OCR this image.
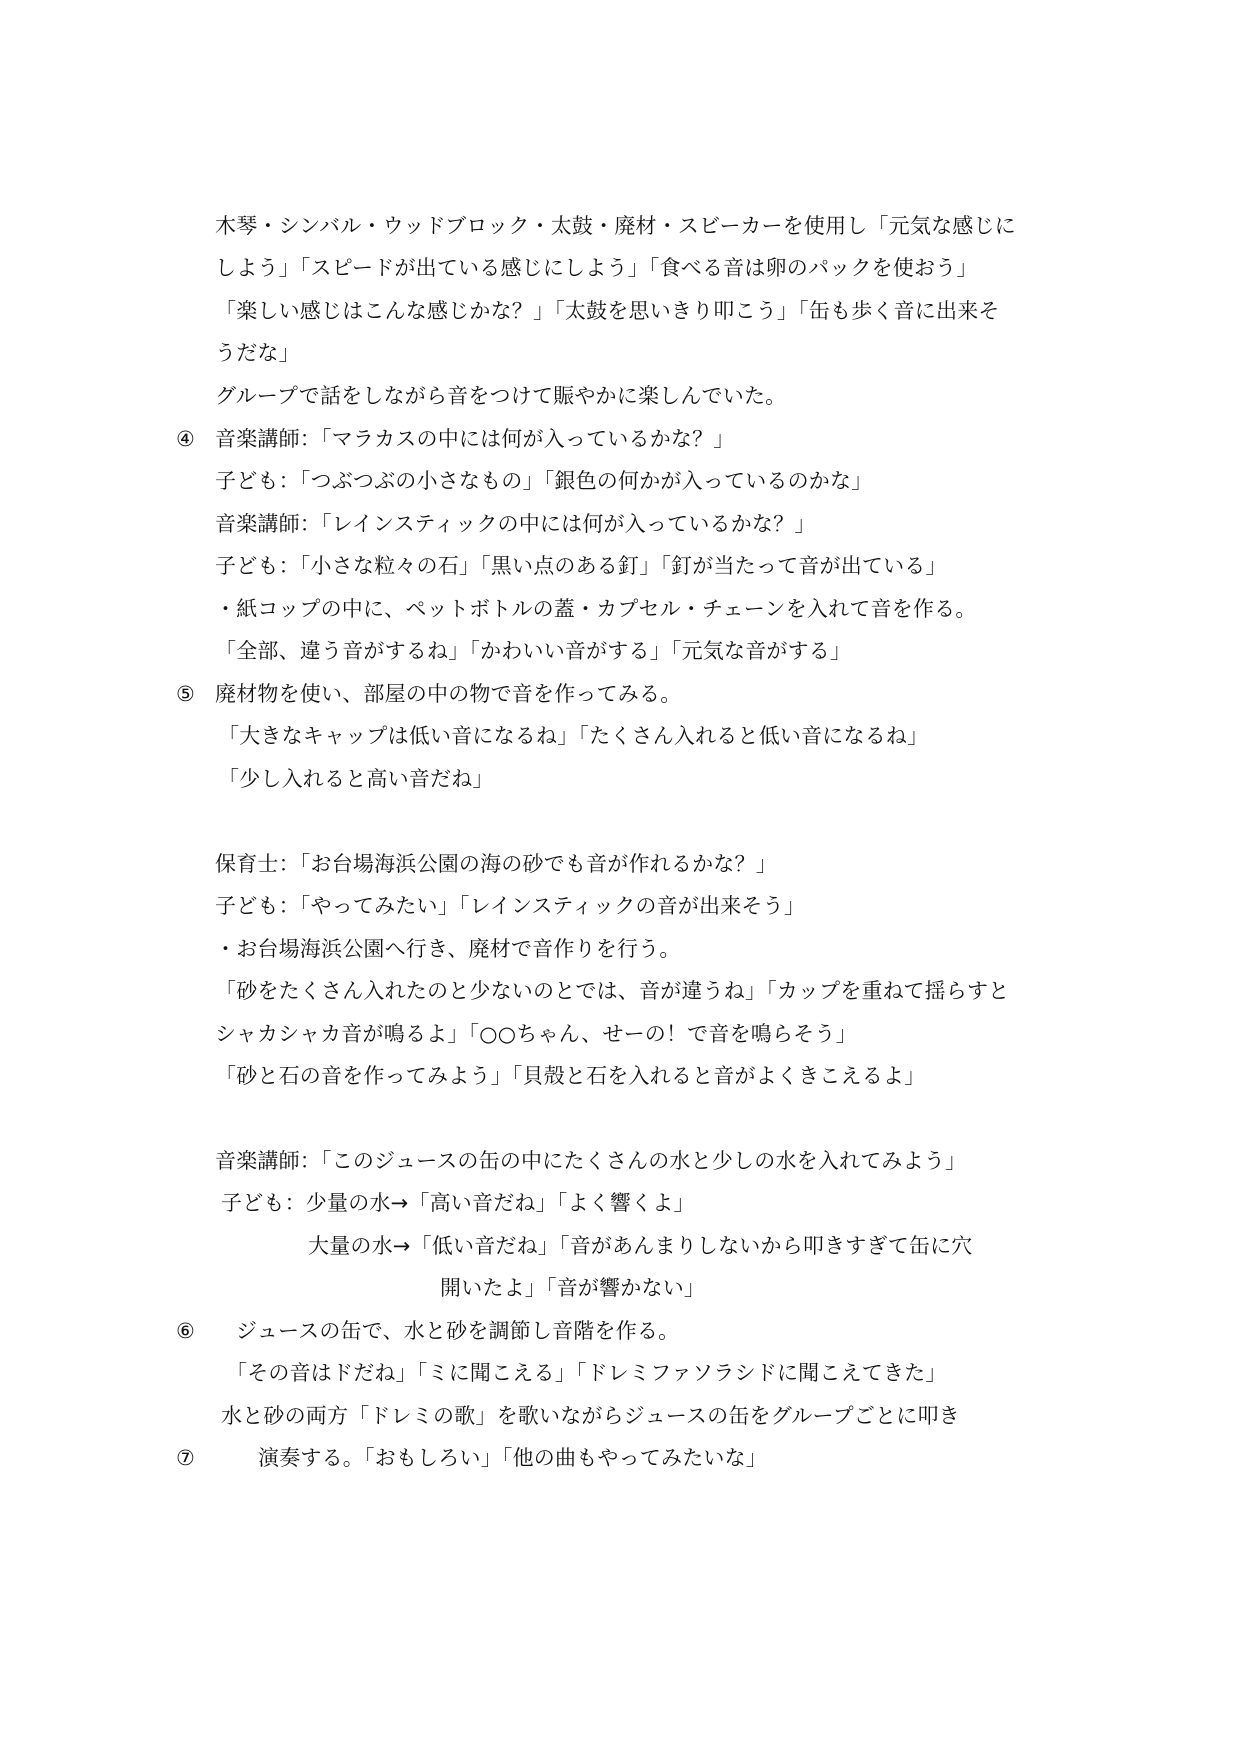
木琴・シンバル・ウッドブロック・太鼓・廃材・スビーカーを使用し「元気な感じに
しよう」「スピードが出ている感じにしよう」「食べる音は卵のパックを使おう」
「楽しい感じはこんな感じかな？」「太鼓を思いきり叩こう」「缶も歩く音に出来そ
うだな」
グループで話をしながら音をつけて賑やかに楽しんでいた。
④ 音楽講師：「マラカスの中には何が入っているかな？」
子ども：「つぶつぶの小さなもの」「銀色の何かが入っているのかな」
音楽講師：「レインスティックの中には何が入っているかな？」
子ども：「小さな粒々の石」「黒い点のある釘」「釘が当たって音が出ている」
・紙コップの中に、ペットボトルの蓋・カプセル・チェーンを入れて音を作る。
「全部、違う音がするね」「かわいい音がする」「元気な音がする」
⑤ 廃材物を使い、部屋の中の物で音を作ってみる。
「大きなキャップは低い音になるね」「たくさん入れると低い音になるね」
「少し入れると高い音だね」
保育士：「お台場海浜公園の海の砂でも音が作れるかな？」
子ども：「やってみたい」「レインスティックの音が出来そう」
・お台場海浜公園へ行き、廃材で音作りを行う。
「砂をたくさん入れたのと少ないのとでは、音が違うね」「カップを重ねて揺らすと
シャカシャカ音が鳴るよ」「○○ちゃん、せーの！で音を鳴らそう」
「砂と石の音を作ってみよう」「貝殻と石を入れると音がよくきこえるよ」
音楽講師：「このジュースの缶の中にたくさんの水と少しの水を入れてみよう」
子ども：少量の水→「高い音だね」「よく響くよ」
大量の水→「低い音だね」「音があんまりしないから叩きすぎて缶に穴
開いたよ」「音が響かない」
⑥ ジュースの缶で、水と砂を調節し音階を作る。
「その音はドだね」「ミに聞こえる」「ドレミファソラシドに聞こえてきた」
水と砂の両方「ドレミの歌」を歌いながらジュースの缶をグループごとに叩き
⑦	演奏する。「おもしろい」「他の曲もやってみたいな」
